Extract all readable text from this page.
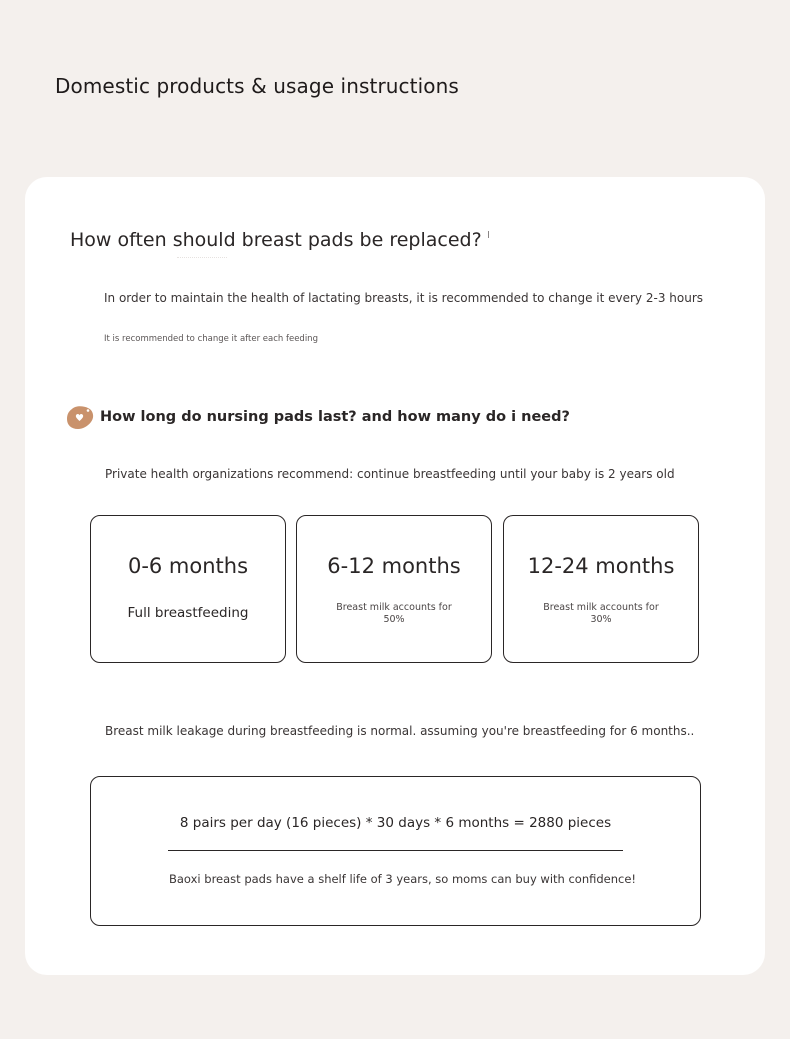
Domestic products & usage instructions
How often should breast pads be replaced?
In order to maintain the health of lactating breasts, it is recommended to change it every 2-3 hours
It is recommended to change it after each feeding
How long do nursing pads last? and how many do i need?
Private health organizations recommend: continue breastfeeding until your baby is 2 years old
0-6 months
Full breastfeeding
6-12 months
Breast milk accounts for 50%
12-24 months
Breast milk accounts for 30%
Breast milk leakage during breastfeeding is normal. assuming you're breastfeeding for 6 months..
8 pairs per day (16 pieces) * 30 days * 6 months = 2880 pieces
Baoxi breast pads have a shelf life of 3 years, so moms can buy with confidence!
